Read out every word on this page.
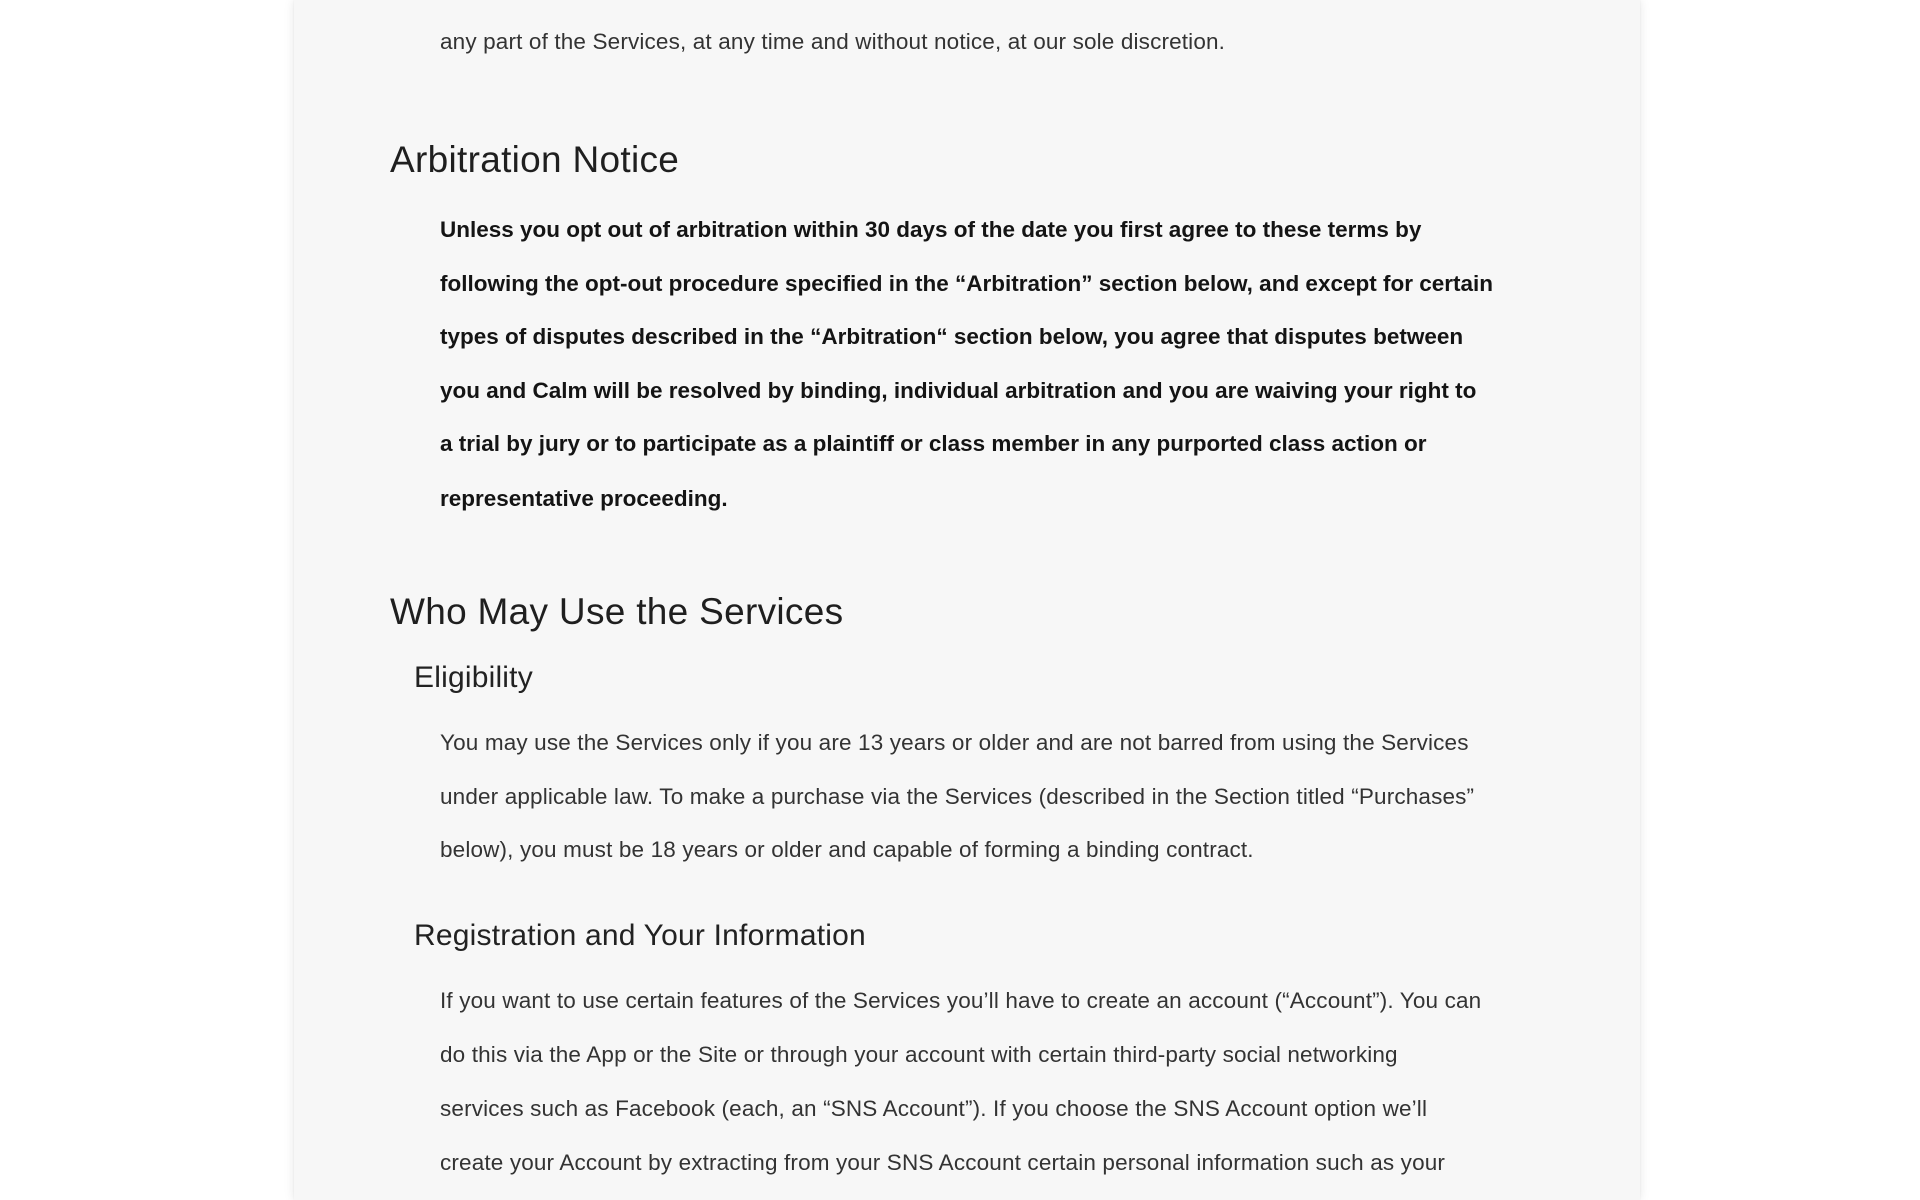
any part of the Services, at any time and without notice, at our sole discretion.

Arbitration Notice

Unless you opt out of arbitration within 30 days of the date you first agree to these terms by

following the opt-out procedure specified in the “Arbitration” section below, and except for certain

types of disputes described in the “Arbitration“ section below, you agree that disputes between

you and Calm will be resolved by binding, individual arbitration and you are waiving your right to

a trial by jury or to participate as a plaintiff or class member in any purported class action or

representative proceeding.

Who May Use the Services
Eligibility

You may use the Services only if you are 13 years or older and are not barred from using the Services

under applicable law. To make a purchase via the Services (described in the Section titled “Purchases”

below), you must be 18 years or older and capable of forming a binding contract.

Registration and Your Information

If you want to use certain features of the Services you’ll have to create an account (“Account”). You can

do this via the App or the Site or through your account with certain third-party social networking

services such as Facebook (each, an “SNS Account”). If you choose the SNS Account option we’ll

create your Account by extracting from your SNS Account certain personal information such as your
